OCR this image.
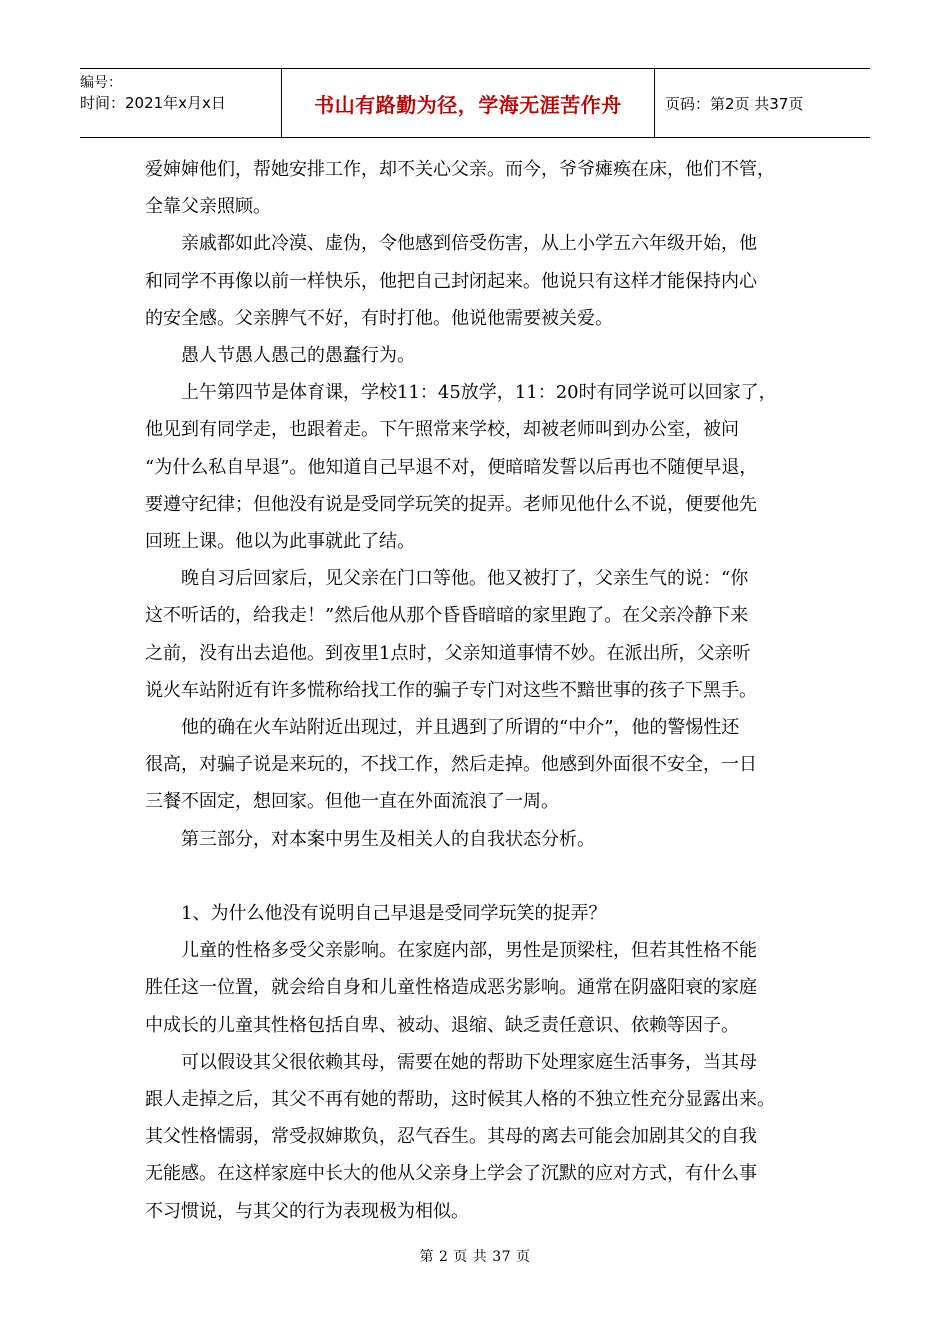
编号：
时间：2021年x月x日	书山有路勤为径，学海无涯苦作舟	页码：第2页 共37页

爱婶婶他们，帮她安排工作，却不关心父亲。而今，爷爷瘫痪在床，他们不管，

全靠父亲照顾。

亲戚都如此冷漠、虚伪，令他感到倍受伤害，从上小学五六年级开始，他

和同学不再像以前一样快乐，他把自己封闭起来。他说只有这样才能保持内心

的安全感。父亲脾气不好，有时打他。他说他需要被关爱。

愚人节愚人愚己的愚蠢行为。

上午第四节是体育课，学校11：45放学，11：20时有同学说可以回家了，

他见到有同学走，也跟着走。下午照常来学校，却被老师叫到办公室，被问

“为什么私自早退”。他知道自己早退不对，便暗暗发誓以后再也不随便早退，

要遵守纪律；但他没有说是受同学玩笑的捉弄。老师见他什么不说，便要他先

回班上课。他以为此事就此了结。

晚自习后回家后，见父亲在门口等他。他又被打了，父亲生气的说：“你

这不听话的，给我走！”然后他从那个昏昏暗暗的家里跑了。在父亲冷静下来

之前，没有出去追他。到夜里1点时，父亲知道事情不妙。在派出所，父亲听

说火车站附近有许多慌称给找工作的骗子专门对这些不黯世事的孩子下黑手。

他的确在火车站附近出现过，并且遇到了所谓的“中介”，他的警惕性还

很高，对骗子说是来玩的，不找工作，然后走掉。他感到外面很不安全，一日

三餐不固定，想回家。但他一直在外面流浪了一周。

第三部分，对本案中男生及相关人的自我状态分析。

1、为什么他没有说明自己早退是受同学玩笑的捉弄？

儿童的性格多受父亲影响。在家庭内部，男性是顶梁柱，但若其性格不能

胜任这一位置，就会给自身和儿童性格造成恶劣影响。通常在阴盛阳衰的家庭

中成长的儿童其性格包括自卑、被动、退缩、缺乏责任意识、依赖等因子。

可以假设其父很依赖其母，需要在她的帮助下处理家庭生活事务，当其母

跟人走掉之后，其父不再有她的帮助，这时候其人格的不独立性充分显露出来。

其父性格懦弱，常受叔婶欺负，忍气吞生。其母的离去可能会加剧其父的自我

无能感。在这样家庭中长大的他从父亲身上学会了沉默的应对方式，有什么事

不习惯说，与其父的行为表现极为相似。

第 2 页 共 37 页
